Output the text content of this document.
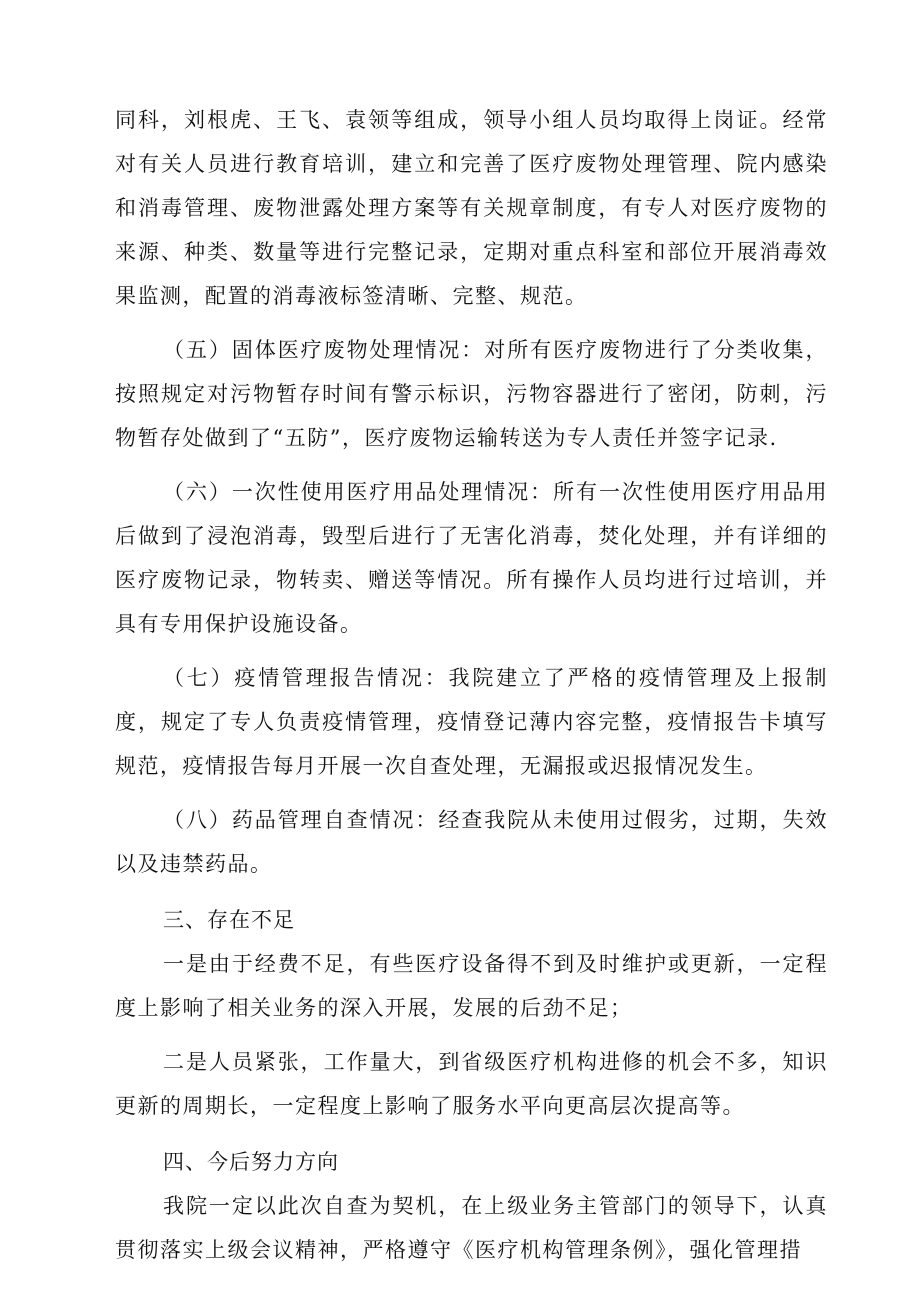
同科，刘根虎、王飞、袁领等组成，领导小组人员均取得上岗证。经常对有关人员进行教育培训，建立和完善了医疗废物处理管理、院内感染和消毒管理、废物泄露处理方案等有关规章制度，有专人对医疗废物的来源、种类、数量等进行完整记录，定期对重点科室和部位开展消毒效果监测，配置的消毒液标签清晰、完整、规范。

（五）固体医疗废物处理情况：对所有医疗废物进行了分类收集，按照规定对污物暂存时间有警示标识，污物容器进行了密闭，防刺，污物暂存处做到了“五防”，医疗废物运输转送为专人责任并签字记录.

（六）一次性使用医疗用品处理情况：所有一次性使用医疗用品用后做到了浸泡消毒，毁型后进行了无害化消毒，焚化处理，并有详细的医疗废物记录，物转卖、赠送等情况。所有操作人员均进行过培训，并具有专用保护设施设备。

（七）疫情管理报告情况：我院建立了严格的疫情管理及上报制度，规定了专人负责疫情管理，疫情登记薄内容完整，疫情报告卡填写规范，疫情报告每月开展一次自查处理，无漏报或迟报情况发生。

（八）药品管理自查情况：经查我院从未使用过假劣，过期，失效以及违禁药品。

三、存在不足

一是由于经费不足，有些医疗设备得不到及时维护或更新，一定程度上影响了相关业务的深入开展，发展的后劲不足；

二是人员紧张，工作量大，到省级医疗机构进修的机会不多，知识更新的周期长，一定程度上影响了服务水平向更高层次提高等。

四、今后努力方向

我院一定以此次自查为契机，在上级业务主管部门的领导下，认真贯彻落实上级会议精神，严格遵守《医疗机构管理条例》，强化管理措
